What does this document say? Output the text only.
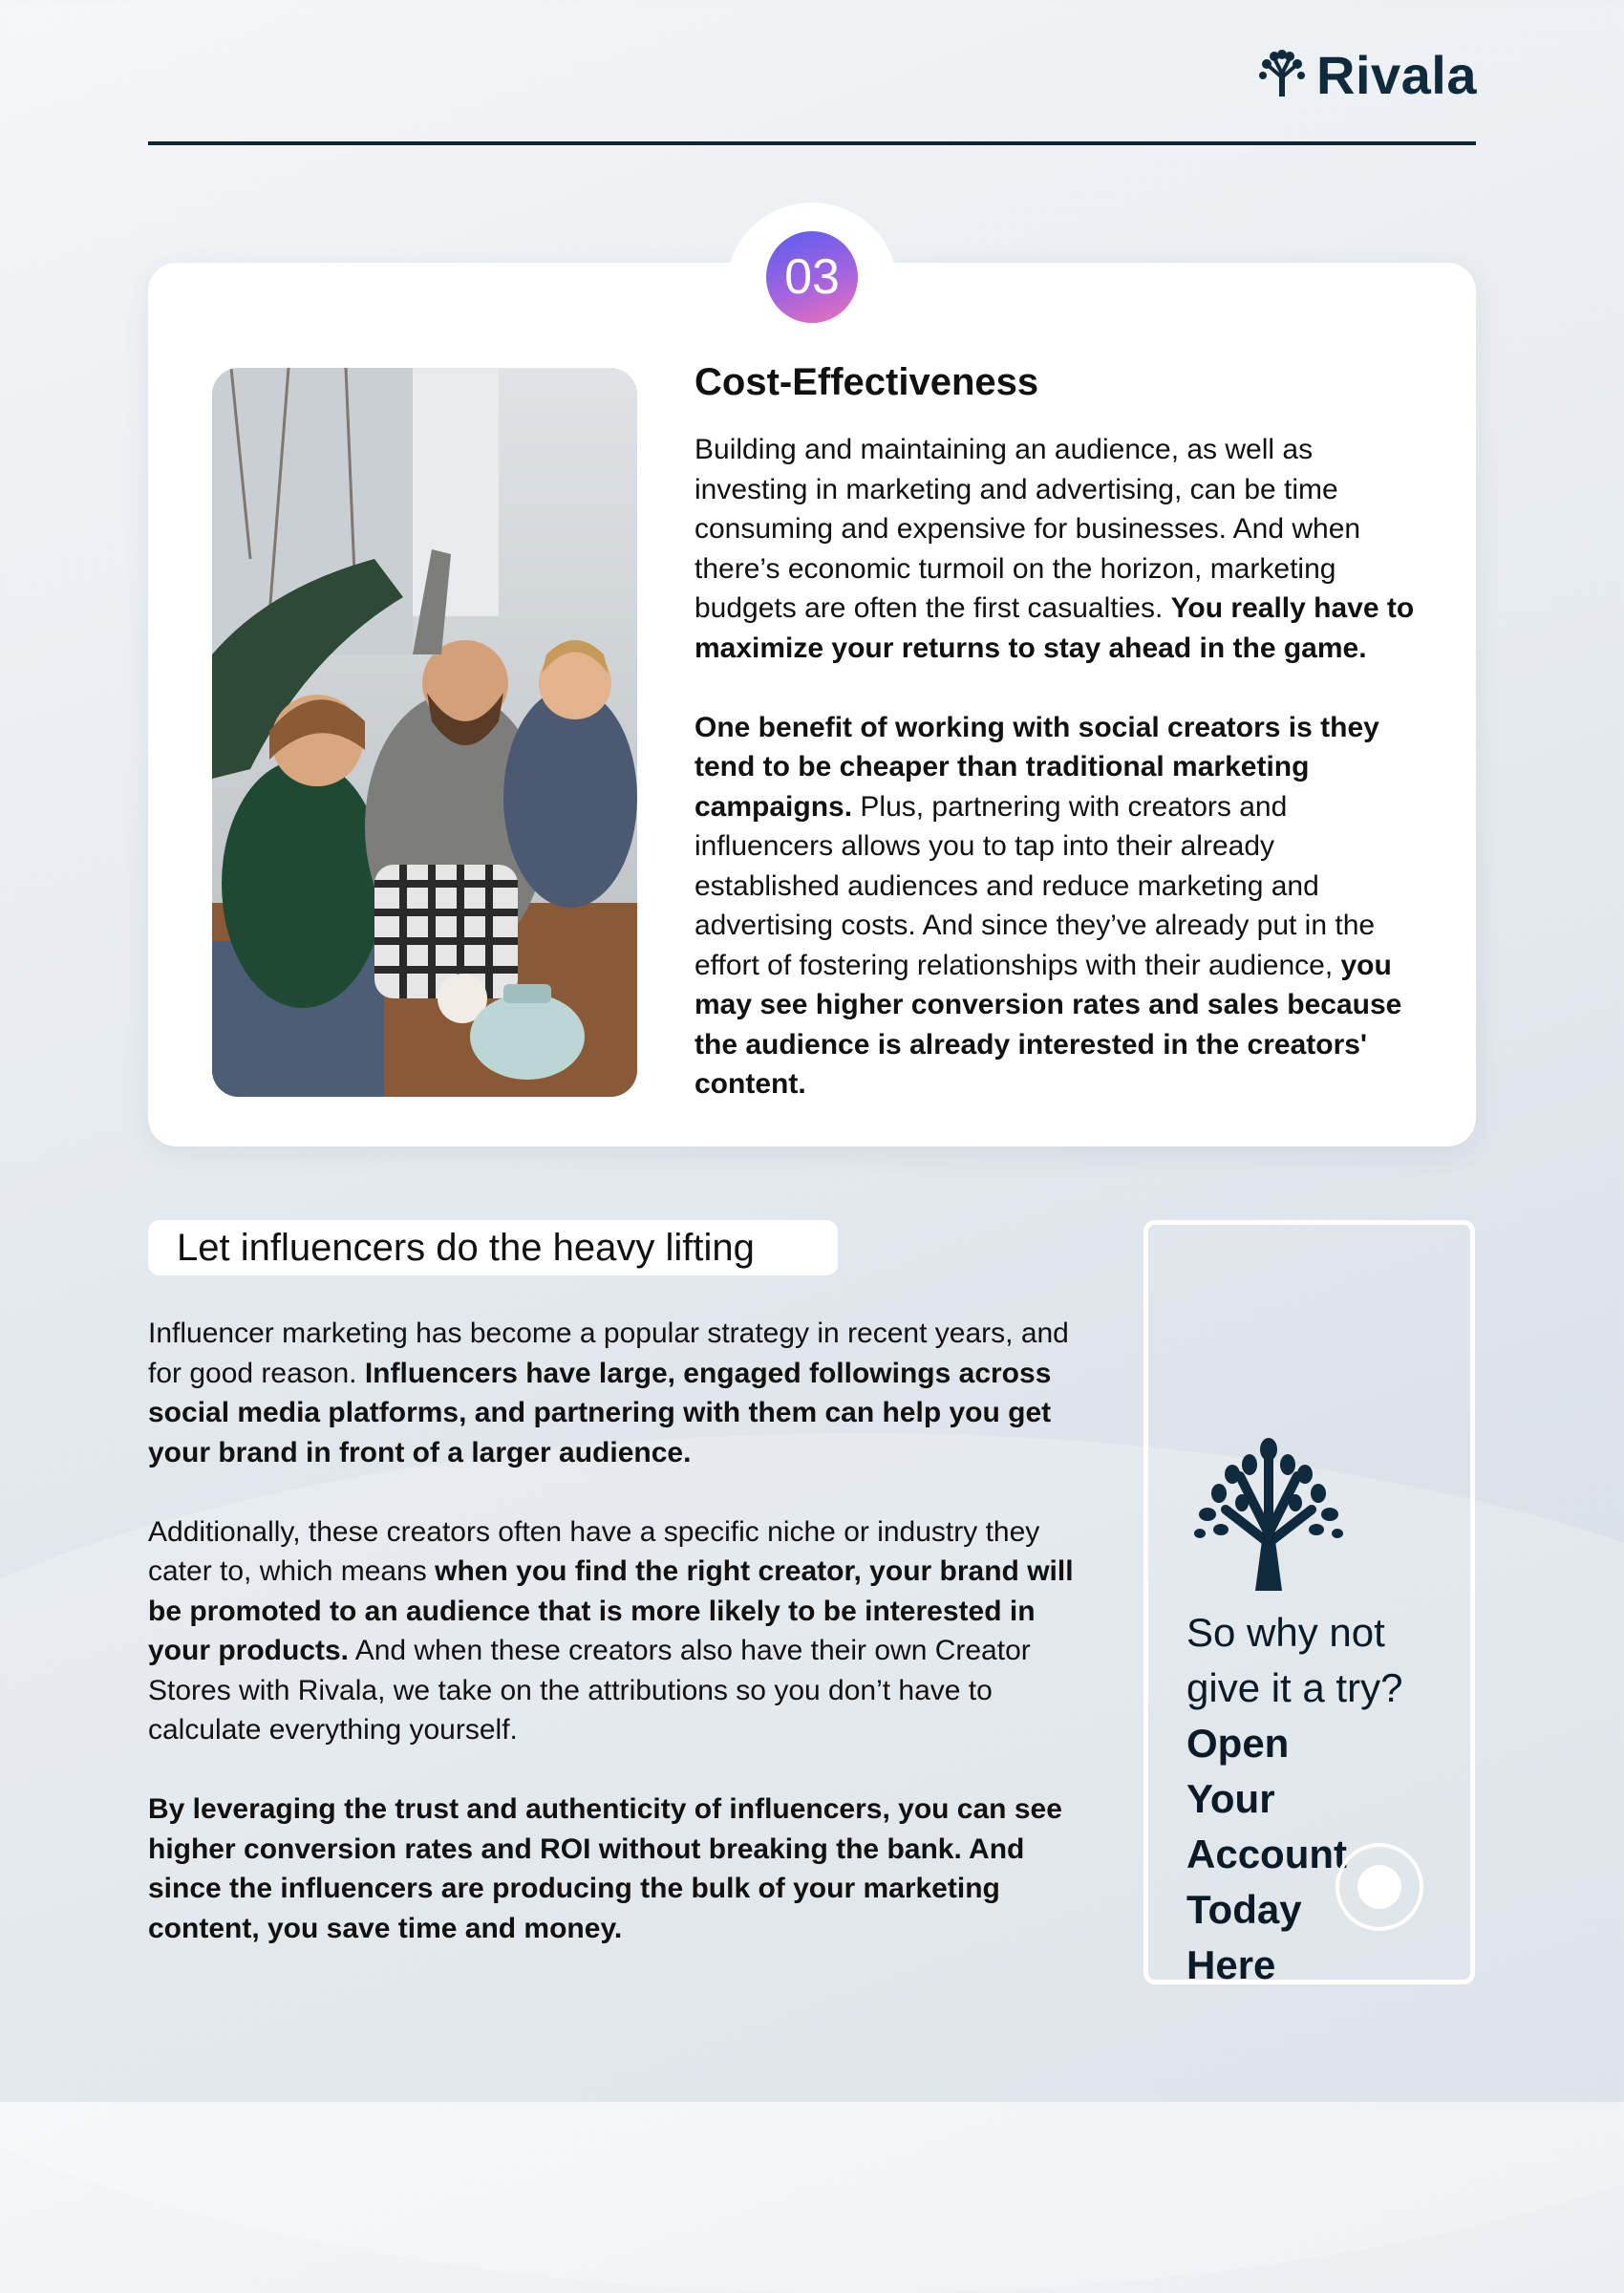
Rivala
03
Cost-Effectiveness

Building and maintaining an audience, as well as investing in marketing and advertising, can be time consuming and expensive for businesses. And when there’s economic turmoil on the horizon, marketing budgets are often the first casualties. You really have to maximize your returns to stay ahead in the game.

One benefit of working with social creators is they tend to be cheaper than traditional marketing campaigns. Plus, partnering with creators and influencers allows you to tap into their already established audiences and reduce marketing and advertising costs. And since they’ve already put in the effort of fostering relationships with their audience, you may see higher conversion rates and sales because the audience is already interested in the creators' content.

Let influencers do the heavy lifting

Influencer marketing has become a popular strategy in recent years, and for good reason. Influencers have large, engaged followings across social media platforms, and partnering with them can help you get your brand in front of a larger audience.

Additionally, these creators often have a specific niche or industry they cater to, which means when you find the right creator, your brand will be promoted to an audience that is more likely to be interested in your products. And when these creators also have their own Creator Stores with Rivala, we take on the attributions so you don’t have to calculate everything yourself.

By leveraging the trust and authenticity of influencers, you can see higher conversion rates and ROI without breaking the bank. And since the influencers are producing the bulk of your marketing content, you save time and money.

So why not
give it a try?
Open Your
Account
Today
Here
